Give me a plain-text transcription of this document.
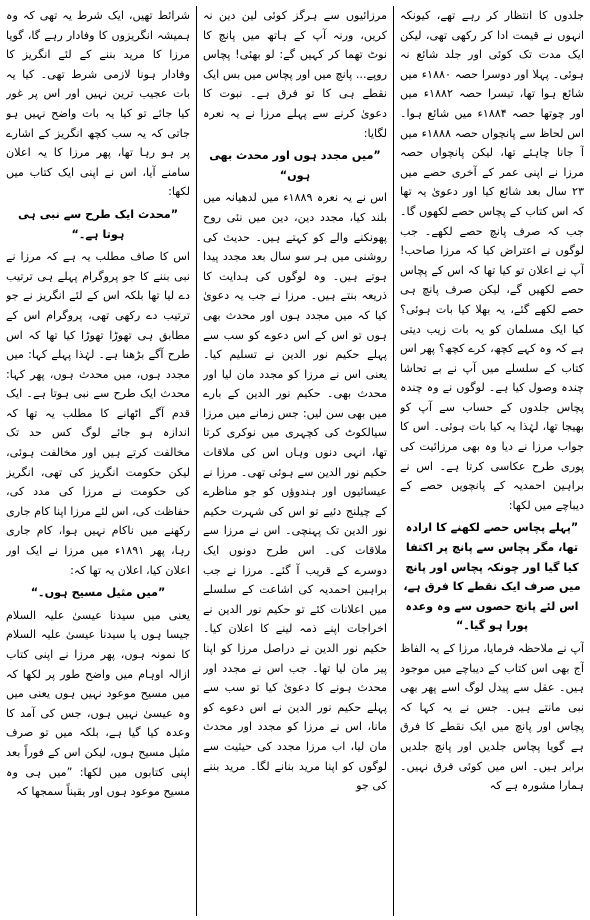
جلدوں کا انتظار کر رہے تھے، کیونکہ انہوں نے قیمت ادا کر رکھی تھی، لیکن ایک مدت تک کوئی اور جلد شائع نہ ہوئی۔ پہلا اور دوسرا حصہ ۱۸۸۰ء میں شائع ہوا تھا، تیسرا حصہ ۱۸۸۲ء میں اور چوتھا حصہ ۱۸۸۴ء میں شائع ہوا۔ اس لحاظ سے پانچواں حصہ ۱۸۸۸ء میں آ جانا چاہئے تھا، لیکن پانچواں حصہ مرزا نے اپنی عمر کے آخری حصے میں ۲۳ سال بعد شائع کیا اور دعویٰ یہ تھا کہ اس کتاب کے پچاس حصے لکھوں گا۔ جب کہ صرف پانچ حصے لکھے۔ جب لوگوں نے اعتراض کیا کہ مرزا صاحب! آپ نے اعلان تو کیا تھا کہ اس کے پچاس حصے لکھیں گے، لیکن صرف پانچ ہی حصے لکھے گئے، یہ بھلا کیا بات ہوئی؟ کیا ایک مسلمان کو یہ بات زیب دیتی ہے کہ وہ کہے کچھ، کرے کچھ؟ پھر اس کتاب کے سلسلے میں آپ نے بے تحاشا چندہ وصول کیا ہے۔ لوگوں نے وہ چندہ پچاس جلدوں کے حساب سے آپ کو بھیجا تھا، لہٰذا یہ کیا بات ہوئی۔ اس کا جواب مرزا نے دیا وہ بھی مرزائیت کی پوری طرح عکاسی کرتا ہے۔ اس نے براہین احمدیہ کے پانچویں حصے کے دیباچے میں لکھا:

”پہلے پچاس حصے لکھنے کا ارادہ تھا، مگر پچاس سے پانچ پر اکتفا کیا گیا اور چونکہ پچاس اور پانچ میں صرف ایک نقطے کا فرق ہے، اس لئے پانچ حصوں سے وہ وعدہ پورا ہو گیا۔“

آپ نے ملاحظہ فرمایا، مرزا کے یہ الفاظ آج بھی اس کتاب کے دیباچے میں موجود ہیں۔ عقل سے پیدل لوگ اسے پھر بھی نبی مانتے ہیں۔ جس نے یہ کہا کہ پچاس اور پانچ میں ایک نقطے کا فرق ہے گویا پچاس جلدیں اور پانچ جلدیں برابر ہیں۔ اس میں کوئی فرق نہیں۔ ہمارا مشورہ ہے کہ

مرزائیوں سے ہرگز کوئی لین دین نہ کریں، ورنہ آپ کے ہاتھ میں پانچ کا نوٹ تھما کر کہیں گے: لو بھئی! پچاس روپے... پانچ میں اور پچاس میں بس ایک نقطے ہی کا تو فرق ہے۔ نبوت کا دعویٰ کرنے سے پہلے مرزا نے یہ نعرہ لگایا:

”میں مجدد ہوں اور محدث بھی ہوں“

اس نے یہ نعرہ ۱۸۸۹ء میں لدھیانہ میں بلند کیا، مجدد دین، دین میں نئی روح پھونکنے والے کو کہتے ہیں۔ حدیث کی روشنی میں ہر سو سال بعد مجدد پیدا ہوتے ہیں۔ وہ لوگوں کی ہدایت کا ذریعہ بنتے ہیں۔ مرزا نے جب یہ دعویٰ کیا کہ میں مجدد ہوں اور محدث بھی ہوں تو اس کے اس دعوے کو سب سے پہلے حکیم نور الدین نے تسلیم کیا۔ یعنی اس نے مرزا کو مجدد مان لیا اور محدث بھی۔ حکیم نور الدین کے بارے میں بھی سن لیں: جس زمانے میں مرزا سیالکوٹ کی کچہری میں نوکری کرتا تھا، انہی دنوں وہاں اس کی ملاقات حکیم نور الدین سے ہوئی تھی۔ مرزا نے عیسائیوں اور ہندوؤں کو جو مناظرے کے چیلنج دئیے تو اس کی شہرت حکیم نور الدین تک پہنچی۔ اس نے مرزا سے ملاقات کی۔ اس طرح دونوں ایک دوسرے کے قریب آ گئے۔ مرزا نے جب براہین احمدیہ کی اشاعت کے سلسلے میں اعلانات کئے تو حکیم نور الدین نے اخراجات اپنے ذمہ لینے کا اعلان کیا۔ حکیم نور الدین نے دراصل مرزا کو اپنا پیر مان لیا تھا۔ جب اس نے مجدد اور محدث ہونے کا دعویٰ کیا تو سب سے پہلے حکیم نور الدین نے اس دعوے کو مانا، اس نے مرزا کو مجدد اور محدث مان لیا، اب مرزا مجدد کی حیثیت سے لوگوں کو اپنا مرید بنانے لگا۔ مرید بننے کی جو

شرائط تھیں، ایک شرط یہ تھی کہ وہ ہمیشہ انگریزوں کا وفادار رہے گا، گویا مرزا کا مرید بننے کے لئے انگریز کا وفادار ہونا لازمی شرط تھی۔ کیا یہ بات عجیب ترین نہیں اور اس پر غور کیا جائے تو کیا یہ بات واضح نہیں ہو جاتی کہ یہ سب کچھ انگریز کے اشارے پر ہو رہا تھا، پھر مرزا کا یہ اعلان سامنے آیا، اس نے اپنی ایک کتاب میں لکھا:

”محدث ایک طرح سے نبی ہی ہوتا ہے۔“

اس کا صاف مطلب یہ ہے کہ مرزا نے نبی بننے کا جو پروگرام پہلے ہی ترتیب دے لیا تھا بلکہ اس کے لئے انگریز نے جو ترتیب دے رکھی تھی، پروگرام اس کے مطابق ہی تھوڑا تھوڑا کیا تھا کہ اس طرح آگے بڑھنا ہے۔ لہٰذا پہلے کہا: میں مجدد ہوں، میں محدث ہوں، پھر کہا: محدث ایک طرح سے نبی ہوتا ہے۔ ایک قدم آگے اٹھانے کا مطلب یہ تھا کہ اندازہ ہو جائے لوگ کس حد تک مخالفت کرتے ہیں اور مخالفت ہوئی، لیکن حکومت انگریز کی تھی، انگریز کی حکومت نے مرزا کی مدد کی، حفاظت کی، اس لئے مرزا اپنا کام جاری رکھنے میں ناکام نہیں ہوا، کام جاری رہا، پھر ۱۸۹۱ء میں مرزا نے ایک اور اعلان کیا، اعلان یہ تھا کہ:

”میں مثیل مسیح ہوں۔“

یعنی میں سیدنا عیسیٰ علیہ السلام جیسا ہوں یا سیدنا عیسیٰ علیہ السلام کا نمونہ ہوں، پھر مرزا نے اپنی کتاب ازالہ اوہام میں واضح طور پر لکھا کہ میں مسیح موعود نہیں ہوں یعنی میں وہ عیسیٰ نہیں ہوں، جس کی آمد کا وعدہ کیا گیا ہے، بلکہ میں تو صرف مثیل مسیح ہوں، لیکن اس کے فوراً بعد اپنی کتابوں میں لکھا: ”میں ہی وہ مسیح موعود ہوں اور یقیناً سمجھا کہ
